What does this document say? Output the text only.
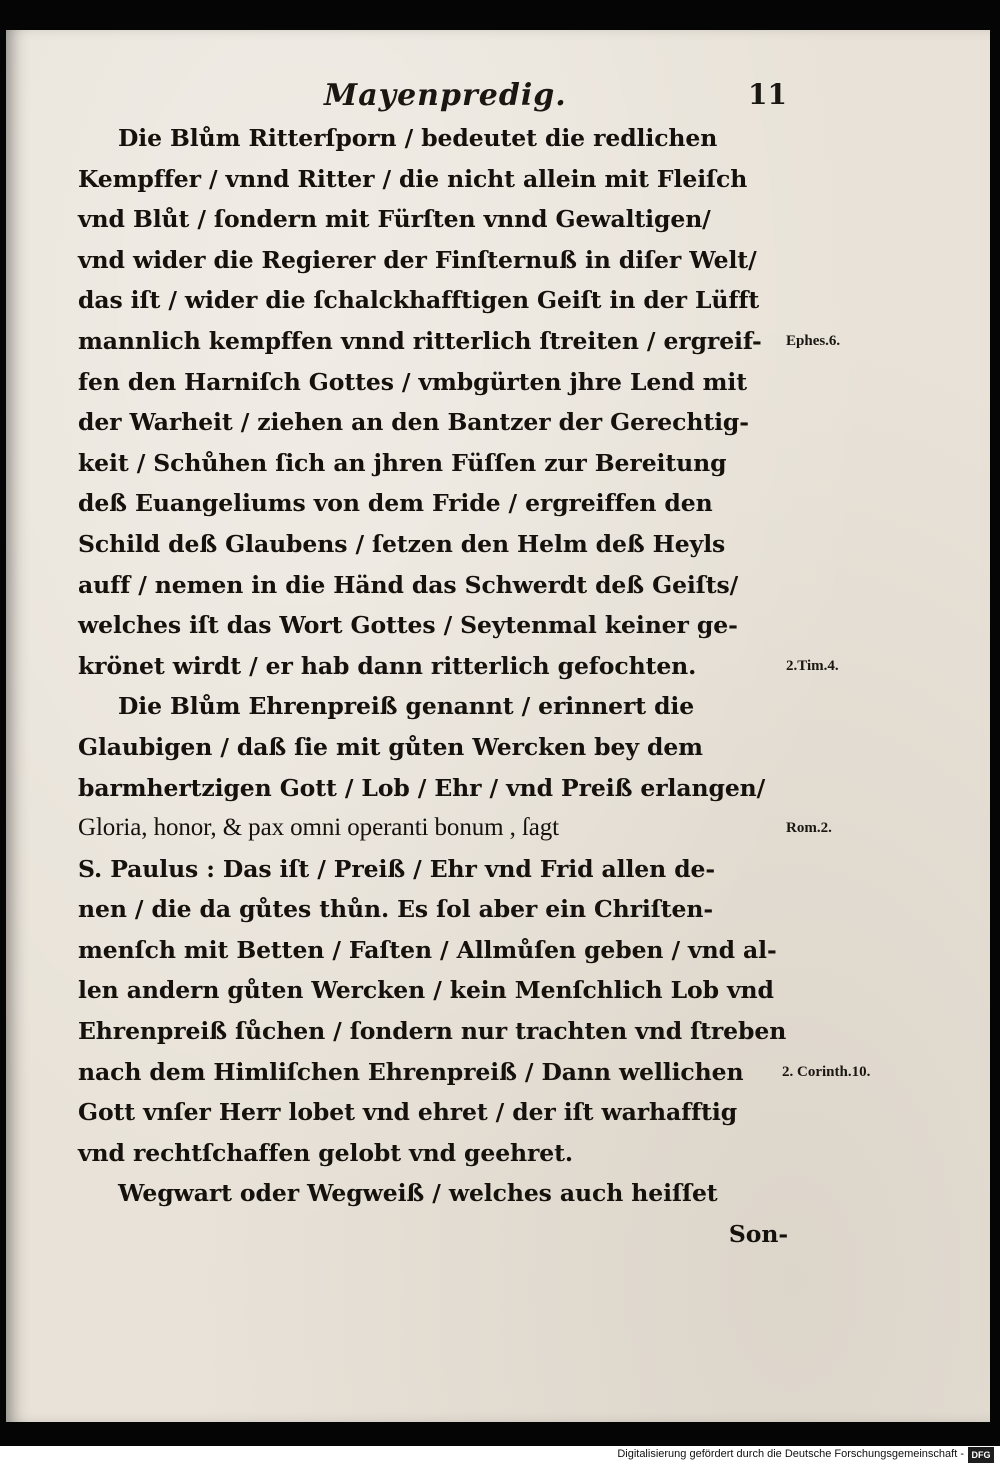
Mayenpredig.	11
Die Blům Ritterſporn / bedeutet die redlichen
Kempffer / vnnd Ritter / die nicht allein mit Fleiſch
vnd Blůt / ſondern mit Fürſten vnnd Gewaltigen/
vnd wider die Regierer der Finſternuß in diſer Welt/
das iſt / wider die ſchalckhafftigen Geiſt in der Lüfft
mannlich kempffen vnnd ritterlich ſtreiten / ergreif-
fen den Harniſch Gottes / vmbgürten jhre Lend mit
der Warheit / ziehen an den Bantzer der Gerechtig-
keit / Schůhen ſich an jhren Füſſen zur Bereitung
deß Euangeliums von dem Fride / ergreiffen den
Schild deß Glaubens / ſetzen den Helm deß Heyls
auff / nemen in die Händ das Schwerdt deß Geiſts/
welches iſt das Wort Gottes / Seytenmal keiner ge-
krönet wirdt / er hab dann ritterlich gefochten.
Die Blům Ehrenpreiß genannt / erinnert die
Glaubigen / daß ſie mit gůten Wercken bey dem
barmhertzigen Gott / Lob / Ehr / vnd Preiß erlangen/
Gloria, honor, & pax omni operanti bonum , ſagt
S. Paulus : Das iſt / Preiß / Ehr vnd Frid allen de-
nen / die da gůtes thůn. Es ſol aber ein Chriſten-
menſch mit Betten / Faſten / Allmůſen geben / vnd al-
len andern gůten Wercken / kein Menſchlich Lob vnd
Ehrenpreiß ſůchen / ſondern nur trachten vnd ſtreben
nach dem Himliſchen Ehrenpreiß / Dann wellichen
Gott vnſer Herr lobet vnd ehret / der iſt warhafftig
vnd rechtſchaffen gelobt vnd geehret.
Wegwart oder Wegweiß / welches auch heiſſet
Son-
Ephes.6.
2.Tim.4.
Rom.2.
2. Corinth.10.
Digitalisierung gefördert durch die Deutsche Forschungsgemeinschaft - DFG
